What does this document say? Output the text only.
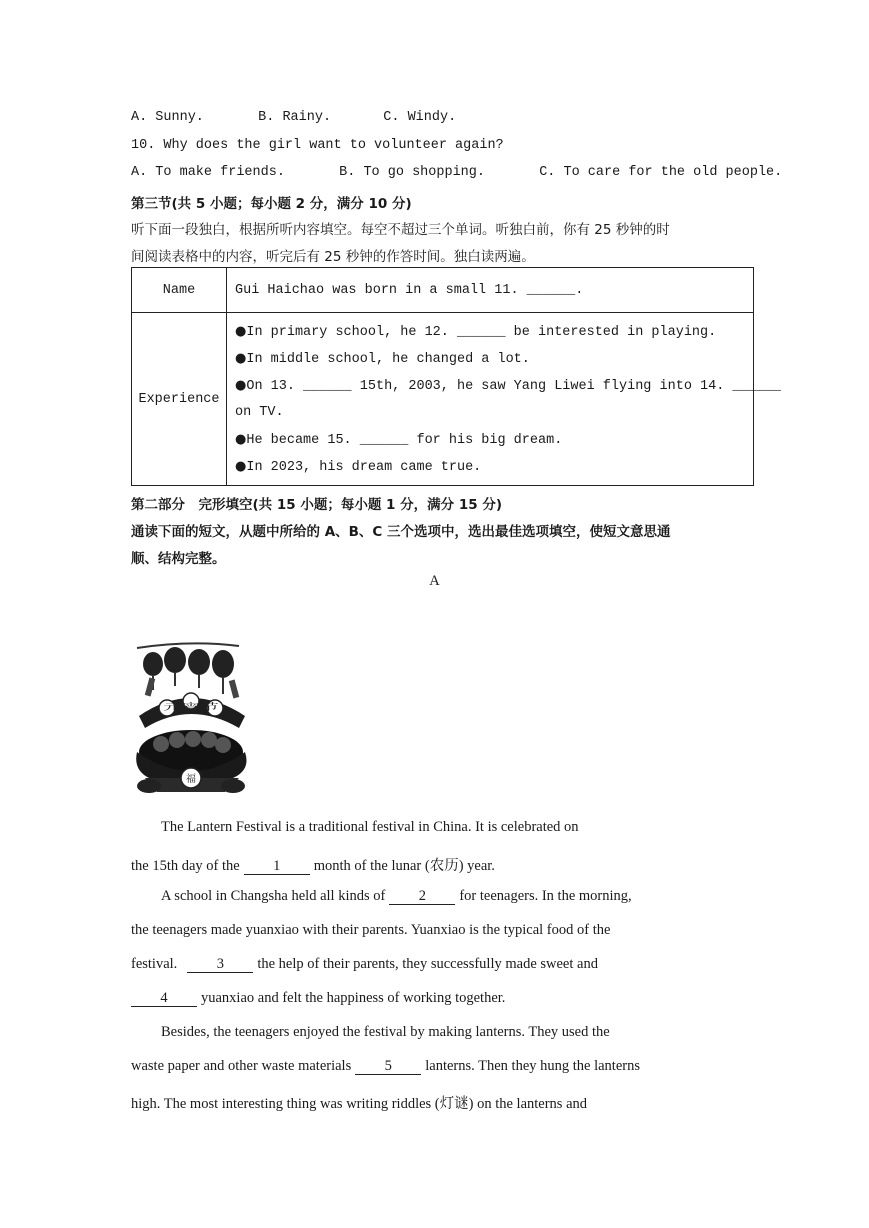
A. Sunny.	B. Rainy.	C. Windy.
10. Why does the girl want to volunteer again?
A. To make friends.	B. To go shopping.	C. To care for the old people.
第三节(共 5 小题；每小题 2 分，满分 10 分)
听下面一段独白，根据所听内容填空。每空不超过三个单词。听独白前，你有 25 秒钟的时
间阅读表格中的内容，听完后有 25 秒钟的作答时间。独白读两遍。
Name	Gui Haichao was born in a small 11. ______.
Experience
● In primary school, he 12. ______ be interested in playing.
● In middle school, he changed a lot.
● On 13. ______ 15th, 2003, he saw Yang Liwei flying into 14. ______
on TV.
● He became 15. ______ for his big dream.
● In 2023, his dream came true.
第二部分　完形填空(共 15 小题；每小题 1 分，满分 15 分)
通读下面的短文，从题中所给的 A、B、C 三个选项中，选出最佳选项填空，使短文意思通
顺、结构完整。
A
元宵节
福
The Lantern Festival is a traditional festival in China. It is celebrated on
the 15th day of the 1 month of the lunar (农历) year.
A school in Changsha held all kinds of 2 for teenagers. In the morning,
the teenagers made yuanxiao with their parents. Yuanxiao is the typical food of the
festival.	3 the help of their parents, they successfully made sweet and
4 yuanxiao and felt the happiness of working together.
Besides, the teenagers enjoyed the festival by making lanterns. They used the
waste paper and other waste materials 5 lanterns. Then they hung the lanterns
high. The most interesting thing was writing riddles (灯谜) on the lanterns and
